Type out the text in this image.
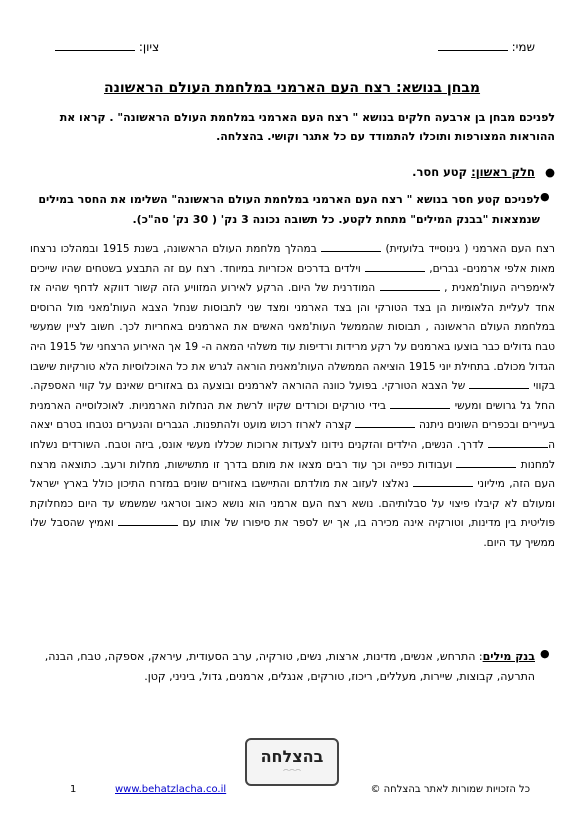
שמי:
ציון:
מבחן בנושא: רצח העם הארמני במלחמת העולם הראשונה
לפניכם מבחן בן ארבעה חלקים בנושא " רצח העם הארמני במלחמת העולם הראשונה" . קראו את ההוראות המצורפות ותוכלו להתמודד עם כל אתגר וקושי. בהצלחה.
● חלק ראשון: קטע חסר.
●
לפניכם קטע חסר בנושא " רצח העם הארמני במלחמת העולם הראשונה" השלימו את החסר במילים שנמצאות "בבנק המילים" מתחת לקטע. כל תשובה נכונה 3 נק' ( 30 נק' סה"כ).
רצח העם הארמני ( גינוסייד בלועזית)  במהלך מלחמת העולם הראשונה, בשנת 1915 ובמהלכו נרצחו מאות אלפי ארמנים- גברים,  וילדים בדרכים אכזריות במיוחד. רצח עם זה התבצע בשטחים שהיו שייכים לאימפריה העות'מאנית ,  המודרנית של היום. הרקע לאירוע המזוויע הזה קשור דווקא לדחף שהיה אז אחד לעליית הלאומיות הן בצד הטורקי והן בצד הארמני ומצד שני לתבוסות שנחל הצבא העות'מאני מול הרוסים במלחמת העולם הראשונה , תבוסות שהממשל העות'מאני האשים את הארמנים באחריות לכך. חשוב לציין שמעשי טבח גדולים כבר בוצעו בארמנים על רקע מרידות ורדיפות עוד משלהי המאה ה- 19 אך האירוע הרצחני של 1915 היה הגדול מכולם. בתחילת יוני 1915 הוציאה הממשלה העות'מאנית הוראה לגרש את כל האוכלוסיות הלא טורקיות שישבו בקווי  של הצבא הטורקי. בפועל כוונה ההוראה לארמנים ובוצעה גם באזורים שאינם על קווי האספקה. החל גל גרושים ומעשי  בידי טורקים וכורדים שקיוו לרשת את הנחלות הארמניות. לאוכלוסייה הארמנית בעיירים ובכפרים השונים ניתנה  קצרה לארוז רכוש מועט ולהתפנות. הגברים והנערים נטבחו בטרם יצאה ה לדרך. הנשים, הילדים והזקנים נידונו לצעדות ארוכות שכללו מעשי אונס, ביזה וטבח. השורדים נשלחו למחנות  ועבודות כפייה וכך עוד רבים מצאו את מותם בדרך זו מתשישות, מחלות ורעב. כתוצאה מרצח העם הזה, מיליוני  נאלצו לעזוב את מולדתם והתיישבו באזורים שונים במזרח התיכון כולל בארץ ישראל ומעולם לא קיבלו פיצוי על סבלותיהם. נושא רצח העם ארמני הוא נושא כאוב וטראגי שמשמש עד היום כמחלוקת פוליטית בין מדינות, וטורקיה אינה מכירה בו, אך יש לספר את סיפורו של אותו עם  ואמיץ שהסבל שלו ממשיך עד היום.
●
בנק מילים: התרחש, אנשים, מדינות, ארצות, נשים, טורקיה, ערב הסעודית, עיראק, אספקה, טבח, הבנה, התרעה, קבוצות, שיירות, מעללים, ריכוז, טורקים, אנגלים, ארמנים, גדול, ביניני, קטן.
בהצלחה
⌒⌒⌒
1	www.behatzlacha.co.il	כל הזכויות שמורות לאתר בהצלחה ©
